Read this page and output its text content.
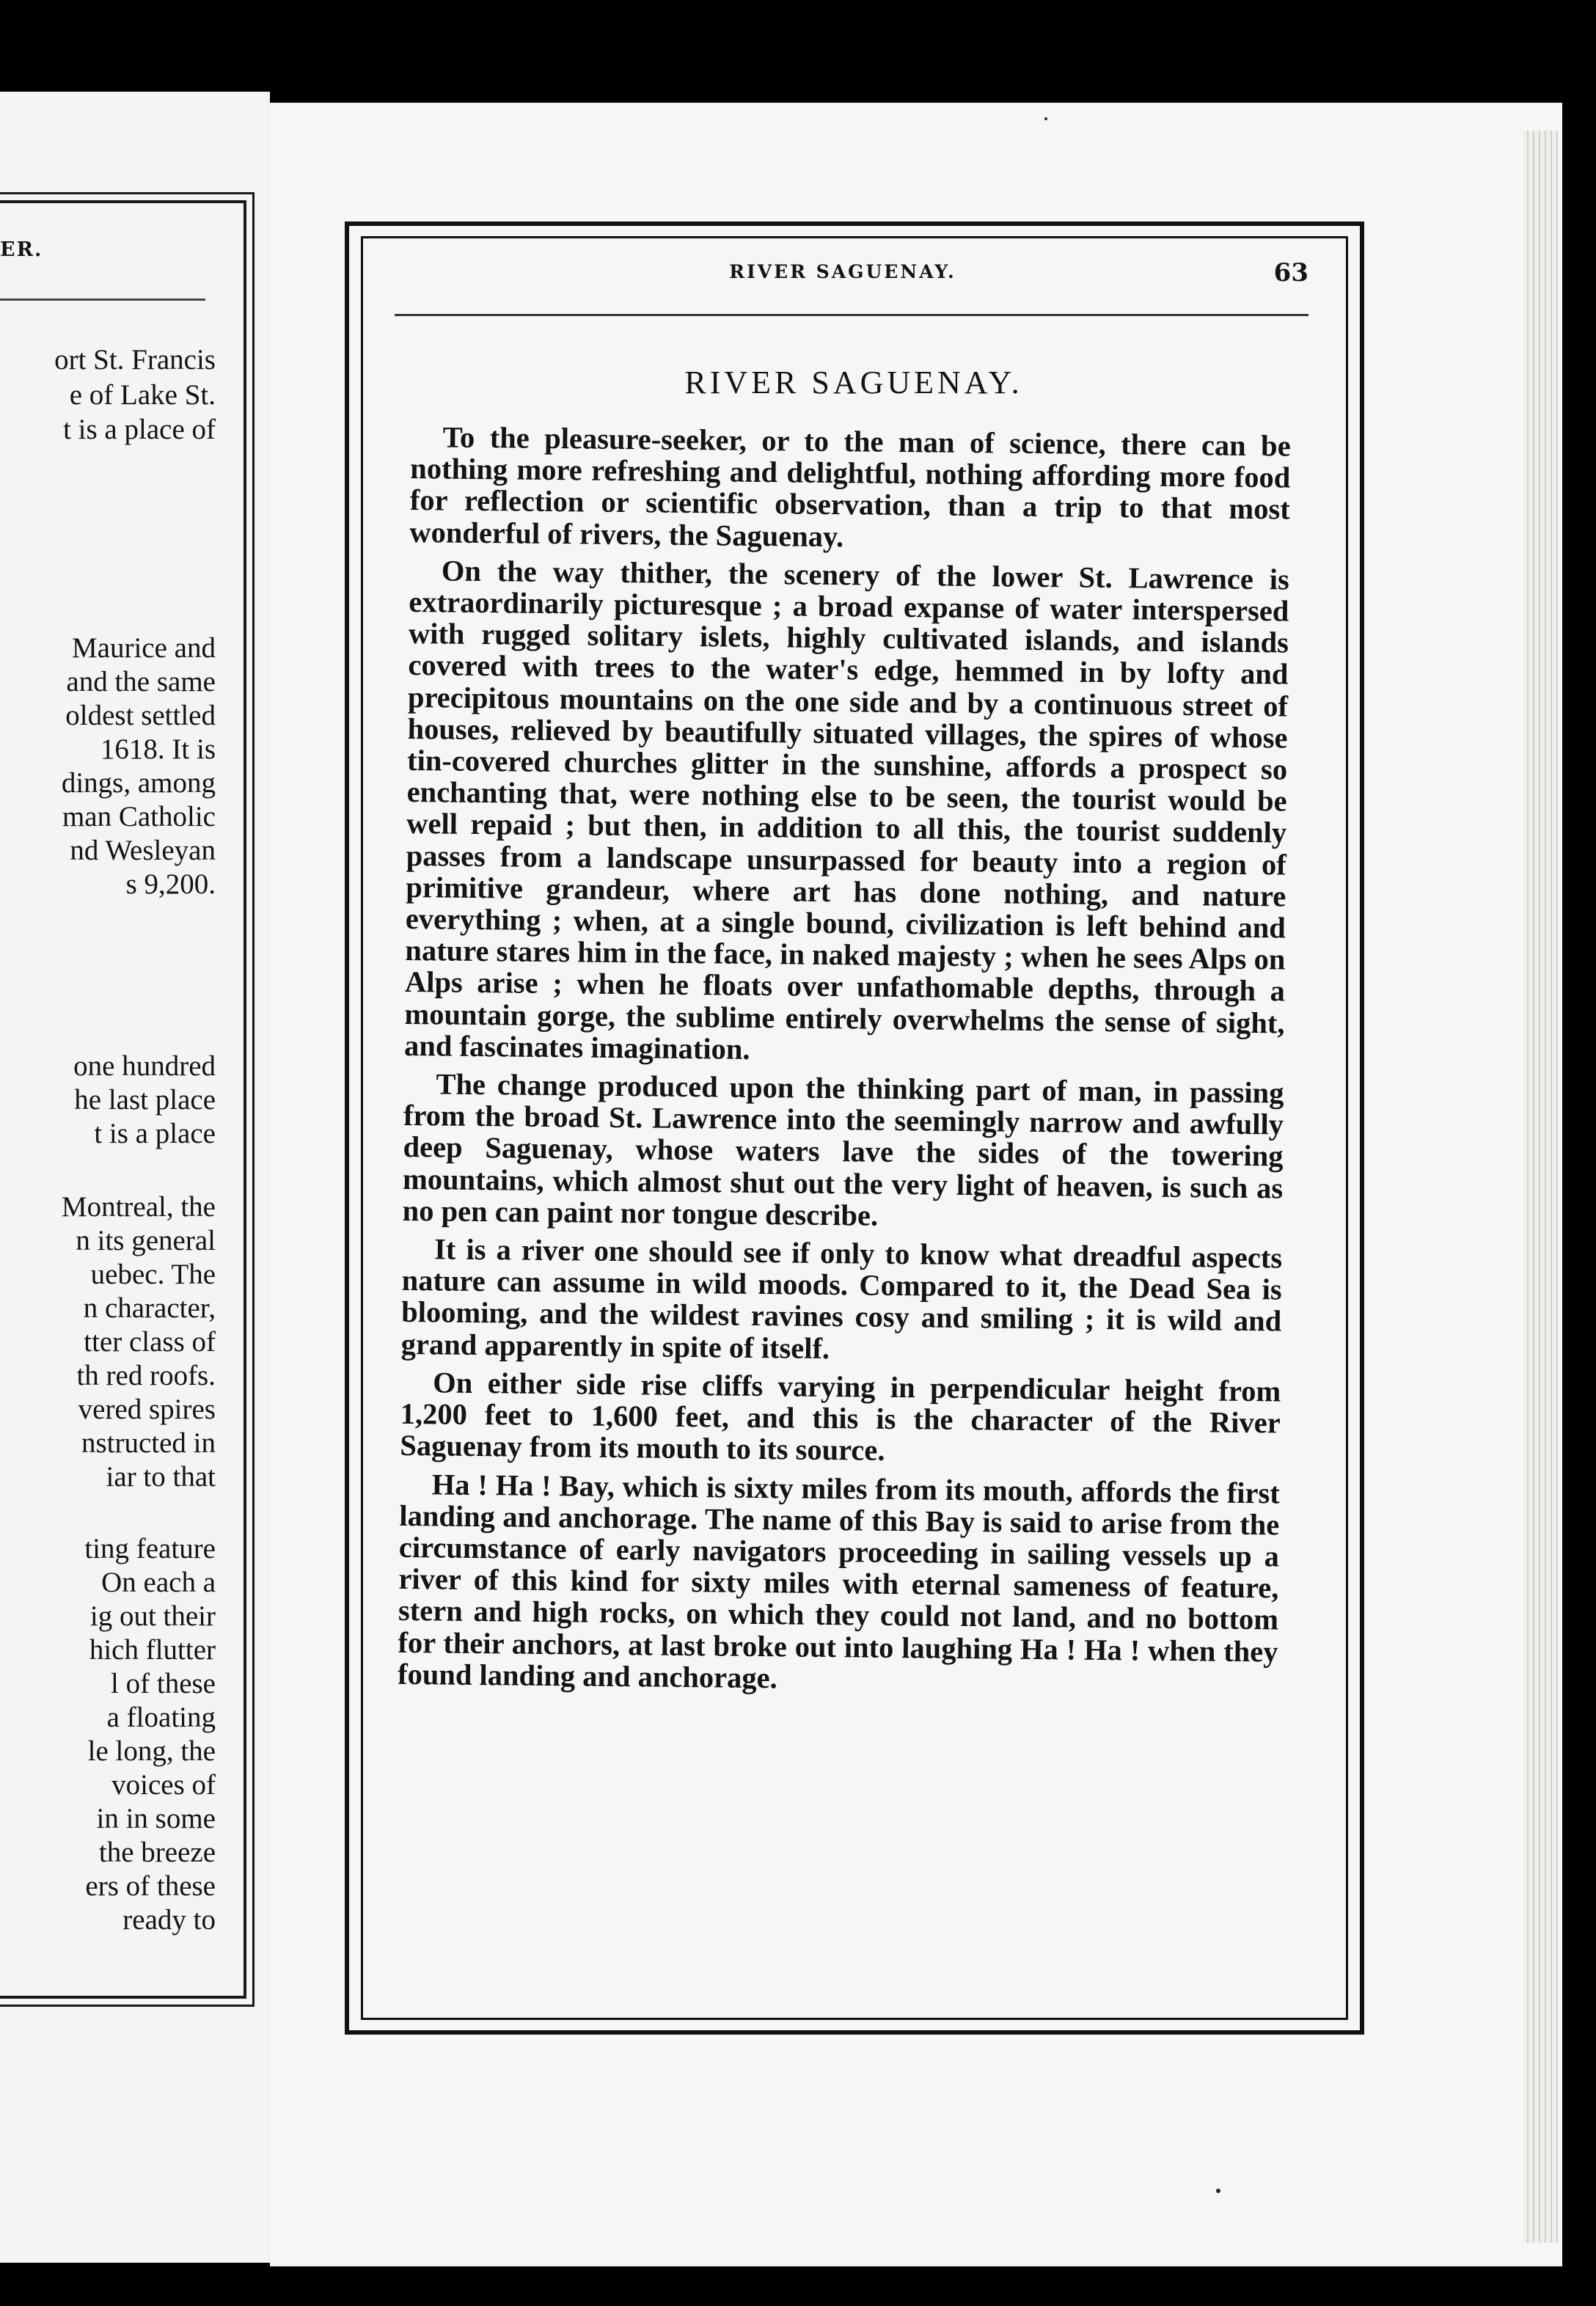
ER.
ort St. Francis
e of Lake St.
t is a place of
Maurice and
and the same
oldest settled
1618. It is
dings, among
man Catholic
nd Wesleyan
s 9,200.
one hundred
he last place
t is a place
Montreal, the
n its general
uebec. The
n character,
tter class of
th red roofs.
vered spires
nstructed in
iar to that
ting feature
On each a
ig out their
hich flutter
l of these
a floating
le long, the
voices of
in in some
the breeze
ers of these
ready to
RIVER SAGUENAY.	63
RIVER SAGUENAY.

To the pleasure-seeker, or to the man of science, there can be nothing more refreshing and delightful, nothing affording more food for reflection or scientific observation, than a trip to that most wonderful of rivers, the Saguenay.

On the way thither, the scenery of the lower St. Lawrence is extraordinarily picturesque ; a broad expanse of water interspersed with rugged solitary islets, highly cultivated islands, and islands covered with trees to the water's edge, hemmed in by lofty and precipitous mountains on the one side and by a continuous street of houses, relieved by beautifully situated villages, the spires of whose tin-covered churches glitter in the sunshine, affords a prospect so enchanting that, were nothing else to be seen, the tourist would be well repaid ; but then, in addition to all this, the tourist suddenly passes from a landscape unsurpassed for beauty into a region of primitive grandeur, where art has done nothing, and nature everything ; when, at a single bound, civilization is left behind and nature stares him in the face, in naked majesty ; when he sees Alps on Alps arise ; when he floats over unfathomable depths, through a mountain gorge, the sublime entirely overwhelms the sense of sight, and fascinates imagination.

The change produced upon the thinking part of man, in passing from the broad St. Lawrence into the seemingly narrow and awfully deep Saguenay, whose waters lave the sides of the towering mountains, which almost shut out the very light of heaven, is such as no pen can paint nor tongue describe.

It is a river one should see if only to know what dreadful aspects nature can assume in wild moods. Compared to it, the Dead Sea is blooming, and the wildest ravines cosy and smiling ; it is wild and grand apparently in spite of itself.

On either side rise cliffs varying in perpendicular height from 1,200 feet to 1,600 feet, and this is the character of the River Saguenay from its mouth to its source.

Ha ! Ha ! Bay, which is sixty miles from its mouth, affords the first landing and anchorage. The name of this Bay is said to arise from the circumstance of early navigators proceeding in sailing vessels up a river of this kind for sixty miles with eternal sameness of feature, stern and high rocks, on which they could not land, and no bottom for their anchors, at last broke out into laughing Ha ! Ha ! when they found landing and anchorage.
